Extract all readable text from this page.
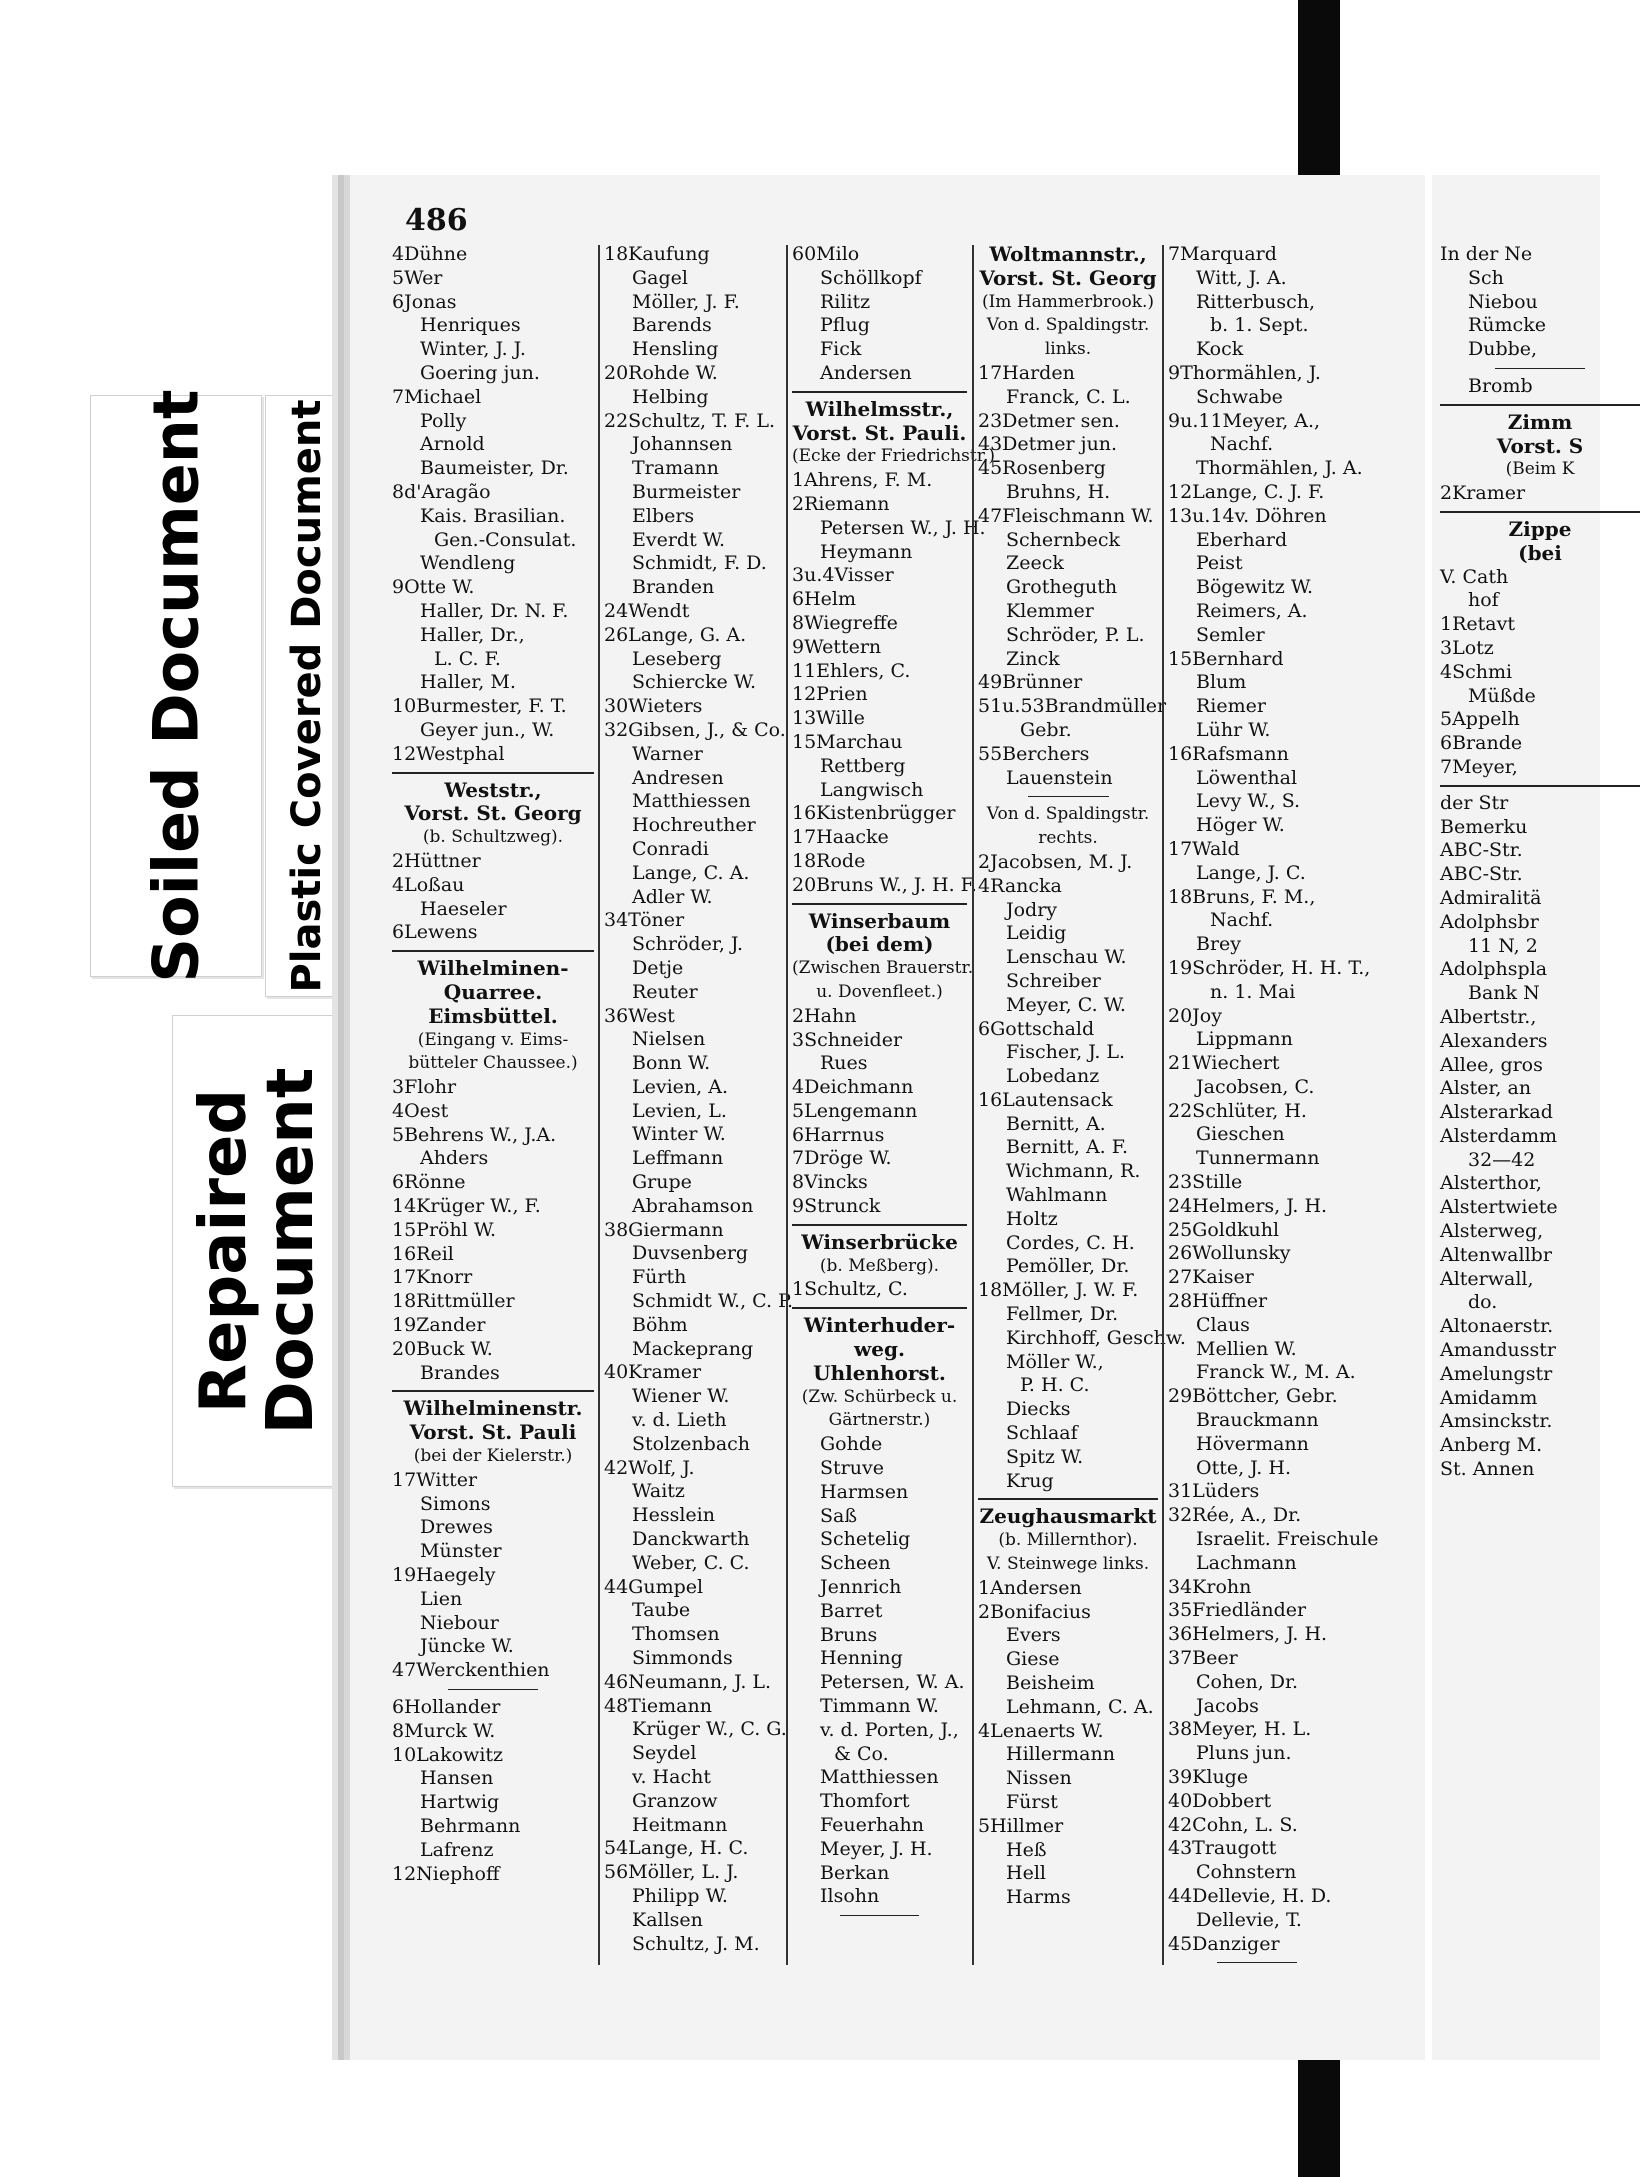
Soiled Document Plastic Covered Document
Repaired
Document
486
4Dühne
5Wer
6Jonas
Henriques
Winter, J. J.
Goering jun.
7Michael
Polly
Arnold
Baumeister, Dr.
8d'Aragão
Kais. Brasilian.
Gen.-Consulat.
Wendleng
9Otte W.
Haller, Dr. N. F.
Haller, Dr.,
L. C. F.
Haller, M.
10Burmester, F. T.
Geyer jun., W.
12Westphal
Weststr.,
Vorst. St. Georg
(b. Schultzweg).
2Hüttner
4Loßau
Haeseler
6Lewens
Wilhelminen-
Quarree.
Eimsbüttel.
(Eingang v. Eims-
bütteler Chaussee.)
3Flohr
4Oest
5Behrens W., J.A.
Ahders
6Rönne
14Krüger W., F.
15Pröhl W.
16Reil
17Knorr
18Rittmüller
19Zander
20Buck W.
Brandes
Wilhelminenstr.
Vorst. St. Pauli
(bei der Kielerstr.)
17Witter
Simons
Drewes
Münster
19Haegely
Lien
Niebour
Jüncke W.
47Werckenthien
6Hollander
8Murck W.
10Lakowitz
Hansen
Hartwig
Behrmann
Lafrenz
12Niephoff
18Kaufung
Gagel
Möller, J. F.
Barends
Hensling
20Rohde W.
Helbing
22Schultz, T. F. L.
Johannsen
Tramann
Burmeister
Elbers
Everdt W.
Schmidt, F. D.
Branden
24Wendt
26Lange, G. A.
Leseberg
Schiercke W.
30Wieters
32Gibsen, J., & Co.
Warner
Andresen
Matthiessen
Hochreuther
Conradi
Lange, C. A.
Adler W.
34Töner
Schröder, J.
Detje
Reuter
36West
Nielsen
Bonn W.
Levien, A.
Levien, L.
Winter W.
Leffmann
Grupe
Abrahamson
38Giermann
Duvsenberg
Fürth
Schmidt W., C. P.
Böhm
Mackeprang
40Kramer
Wiener W.
v. d. Lieth
Stolzenbach
42Wolf, J.
Waitz
Hesslein
Danckwarth
Weber, C. C.
44Gumpel
Taube
Thomsen
Simmonds
46Neumann, J. L.
48Tiemann
Krüger W., C. G.
Seydel
v. Hacht
Granzow
Heitmann
54Lange, H. C.
56Möller, L. J.
Philipp W.
Kallsen
Schultz, J. M.
60Milo
Schöllkopf
Rilitz
Pflug
Fick
Andersen
Wilhelmsstr.,
Vorst. St. Pauli.
(Ecke der Friedrichstr.)
1Ahrens, F. M.
2Riemann
Petersen W., J. H.
Heymann
3u.4Visser
6Helm
8Wiegreffe
9Wettern
11Ehlers, C.
12Prien
13Wille
15Marchau
Rettberg
Langwisch
16Kistenbrügger
17Haacke
18Rode
20Bruns W., J. H. F.
Winserbaum
(bei dem)
(Zwischen Brauerstr.
u. Dovenfleet.)
2Hahn
3Schneider
Rues
4Deichmann
5Lengemann
6Harrnus
7Dröge W.
8Vincks
9Strunck
Winserbrücke
(b. Meßberg).
1Schultz, C.
Winterhuder-
weg.
Uhlenhorst.
(Zw. Schürbeck u.
Gärtnerstr.)
Gohde
Struve
Harmsen
Saß
Schetelig
Scheen
Jennrich
Barret
Bruns
Henning
Petersen, W. A.
Timmann W.
v. d. Porten, J.,
& Co.
Matthiessen
Thomfort
Feuerhahn
Meyer, J. H.
Berkan
Ilsohn
Woltmannstr.,
Vorst. St. Georg
(Im Hammerbrook.)
Von d. Spaldingstr.
links.
17Harden
Franck, C. L.
23Detmer sen.
43Detmer jun.
45Rosenberg
Bruhns, H.
47Fleischmann W.
Schernbeck
Zeeck
Grotheguth
Klemmer
Schröder, P. L.
Zinck
49Brünner
51u.53Brandmüller
Gebr.
55Berchers
Lauenstein
Von d. Spaldingstr.
rechts.
2Jacobsen, M. J.
4Rancka
Jodry
Leidig
Lenschau W.
Schreiber
Meyer, C. W.
6Gottschald
Fischer, J. L.
Lobedanz
16Lautensack
Bernitt, A.
Bernitt, A. F.
Wichmann, R.
Wahlmann
Holtz
Cordes, C. H.
Pemöller, Dr.
18Möller, J. W. F.
Fellmer, Dr.
Kirchhoff, Geschw.
Möller W.,
P. H. C.
Diecks
Schlaaf
Spitz W.
Krug
Zeughausmarkt
(b. Millernthor).
V. Steinwege links.
1Andersen
2Bonifacius
Evers
Giese
Beisheim
Lehmann, C. A.
4Lenaerts W.
Hillermann
Nissen
Fürst
5Hillmer
Heß
Hell
Harms
7Marquard
Witt, J. A.
Ritterbusch,
b. 1. Sept.
Kock
9Thormählen, J.
Schwabe
9u.11Meyer, A.,
Nachf.
Thormählen, J. A.
12Lange, C. J. F.
13u.14v. Döhren
Eberhard
Peist
Bögewitz W.
Reimers, A.
Semler
15Bernhard
Blum
Riemer
Lühr W.
16Rafsmann
Löwenthal
Levy W., S.
Höger W.
17Wald
Lange, J. C.
18Bruns, F. M.,
Nachf.
Brey
19Schröder, H. H. T.,
n. 1. Mai
20Joy
Lippmann
21Wiechert
Jacobsen, C.
22Schlüter, H.
Gieschen
Tunnermann
23Stille
24Helmers, J. H.
25Goldkuhl
26Wollunsky
27Kaiser
28Hüffner
Claus
Mellien W.
Franck W., M. A.
29Böttcher, Gebr.
Brauckmann
Hövermann
Otte, J. H.
31Lüders
32Rée, A., Dr.
Israelit. Freischule
Lachmann
34Krohn
35Friedländer
36Helmers, J. H.
37Beer
Cohen, Dr.
Jacobs
38Meyer, H. L.
Pluns jun.
39Kluge
40Dobbert
42Cohn, L. S.
43Traugott
Cohnstern
44Dellevie, H. D.
Dellevie, T.
45Danziger
In der Ne
Sch
Niebou
Rümcke
Dubbe,
Bromb
Zimm
Vorst. S
(Beim K
2Kramer
Zippe
(bei
V. Cath
hof
1Retavt
3Lotz
4Schmi
Müßde
5Appelh
6Brande
7Meyer,
der Str
Bemerku
ABC-Str.
ABC-Str.
Admiralitä
Adolphsbr
11 N, 2
Adolphspla
Bank N
Albertstr.,
Alexanders
Allee, gros
Alster, an
Alsterarkad
Alsterdamm
32—42
Alsterthor,
Alstertwiete
Alsterweg,
Altenwallbr
Alterwall,
do.
Altonaerstr.
Amandusstr
Amelungstr
Amidamm
Amsinckstr.
Anberg M.
St. Annen
